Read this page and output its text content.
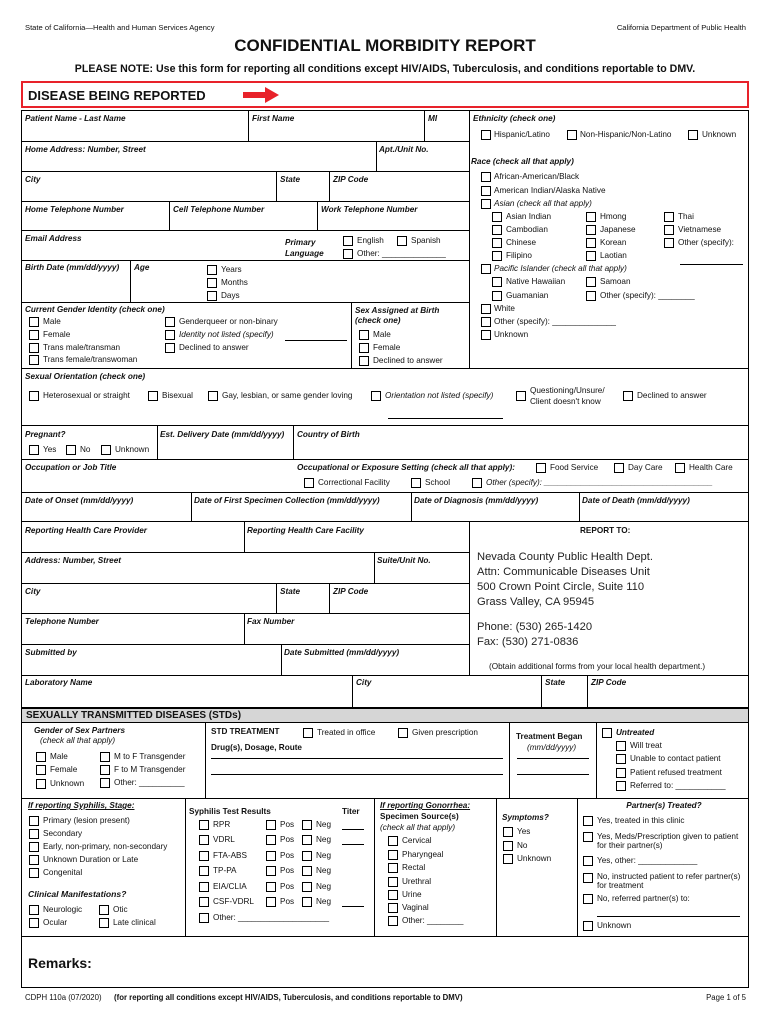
State of California—Health and Human Services Agency	California Department of Public Health
CONFIDENTIAL MORBIDITY REPORT
PLEASE NOTE: Use this form for reporting all conditions except HIV/AIDS, Tuberculosis, and conditions reportable to DMV.
DISEASE BEING REPORTED
Patient Name - Last Name	First Name	MI	Ethnicity (check one)
Hispanic/Latino	Non-Hispanic/Non-Latino	Unknown
Home Address: Number, Street	Apt./Unit No.
Race (check all that apply)
African-American/Black
American Indian/Alaska Native
Asian (check all that apply)
Asian Indian
Cambodian
Chinese
Filipino
Hmong
Japanese
Korean
Laotian
Thai
Vietnamese
Other (specify):
Pacific Islander (check all that apply)
Native Hawaiian
Guamanian
Samoan
Other (specify): ________
White
Other (specify): ______________
Unknown
City	State	ZIP Code
Home Telephone Number	Cell Telephone Number	Work Telephone Number
Email Address	Primary Language
English	Spanish
Other: ______________
Birth Date (mm/dd/yyyy) Age	Years
Months
Days
Current Gender Identity (check one)
Male
Female
Trans male/transman
Trans female/transwoman
Genderqueer or non-binary
Identity not listed (specify)
Declined to answer
Sex Assigned at Birth (check one)
Male
Female
Declined to answer
Sexual Orientation (check one)
Heterosexual or straight	Bisexual	Gay, lesbian, or same gender loving	Orientation not listed (specify)
Questioning/Unsure/ Client doesn't know
Declined to answer
Pregnant?
Yes	No	Unknown
Est. Delivery Date (mm/dd/yyyy) Country of Birth
Occupation or Job Title	Occupational or Exposure Setting (check all that apply):	Food Service	Day Care	Health Care
Correctional Facility	School	Other (specify): _____________________________________
Date of Onset (mm/dd/yyyy)	Date of First Specimen Collection (mm/dd/yyyy)	Date of Diagnosis (mm/dd/yyyy)	Date of Death (mm/dd/yyyy)
Reporting Health Care Provider	Reporting Health Care Facility	REPORT TO:
Address: Number, Street	Suite/Unit No.
City	State	ZIP Code
Telephone Number	Fax Number
Submitted by	Date Submitted (mm/dd/yyyy)
Nevada County Public Health Dept.
Attn: Communicable Diseases Unit
500 Crown Point Circle, Suite 110
Grass Valley, CA 95945
Phone: (530) 265-1420
Fax: (530) 271-0836
(Obtain additional forms from your local health department.)
Laboratory Name	City	State	ZIP Code
SEXUALLY TRANSMITTED DISEASES (STDs)
Gender of Sex Partners
(check all that apply)
Male
Female
Unknown
M to F Transgender
F to M Transgender
Other: __________
STD TREATMENT	Treated in office	Given prescription
Drug(s), Dosage, Route
Treatment Began
(mm/dd/yyyy)
Untreated
Will treat
Unable to contact patient
Patient refused treatment
Referred to: ___________
If reporting Syphilis, Stage:
Primary (lesion present)
Secondary
Early, non-primary, non-secondary
Unknown Duration or Late
Congenital
Clinical Manifestations?
Neurologic
Ocular
Otic
Late clinical
Syphilis Test Results	Titer
RPR	Pos	Neg
VDRL	Pos	Neg
FTA-ABS	Pos	Neg
TP-PA	Pos	Neg
EIA/CLIA	Pos	Neg
CSF-VDRL	Pos	Neg
Other: ____________________
If reporting Gonorrhea:
Specimen Source(s)
(check all that apply)
Cervical
Pharyngeal
Rectal
Urethral
Urine
Vaginal
Other: ________
Symptoms?
Yes
No
Unknown
Partner(s) Treated?
Yes, treated in this clinic
Yes, Meds/Prescription given to patient for their partner(s)
Yes, other: _____________
No, instructed patient to refer partner(s) for treatment
No, referred partner(s) to:
Unknown
Remarks:
CDPH 110a (07/2020) (for reporting all conditions except HIV/AIDS, Tuberculosis, and conditions reportable to DMV)	Page 1 of 5
